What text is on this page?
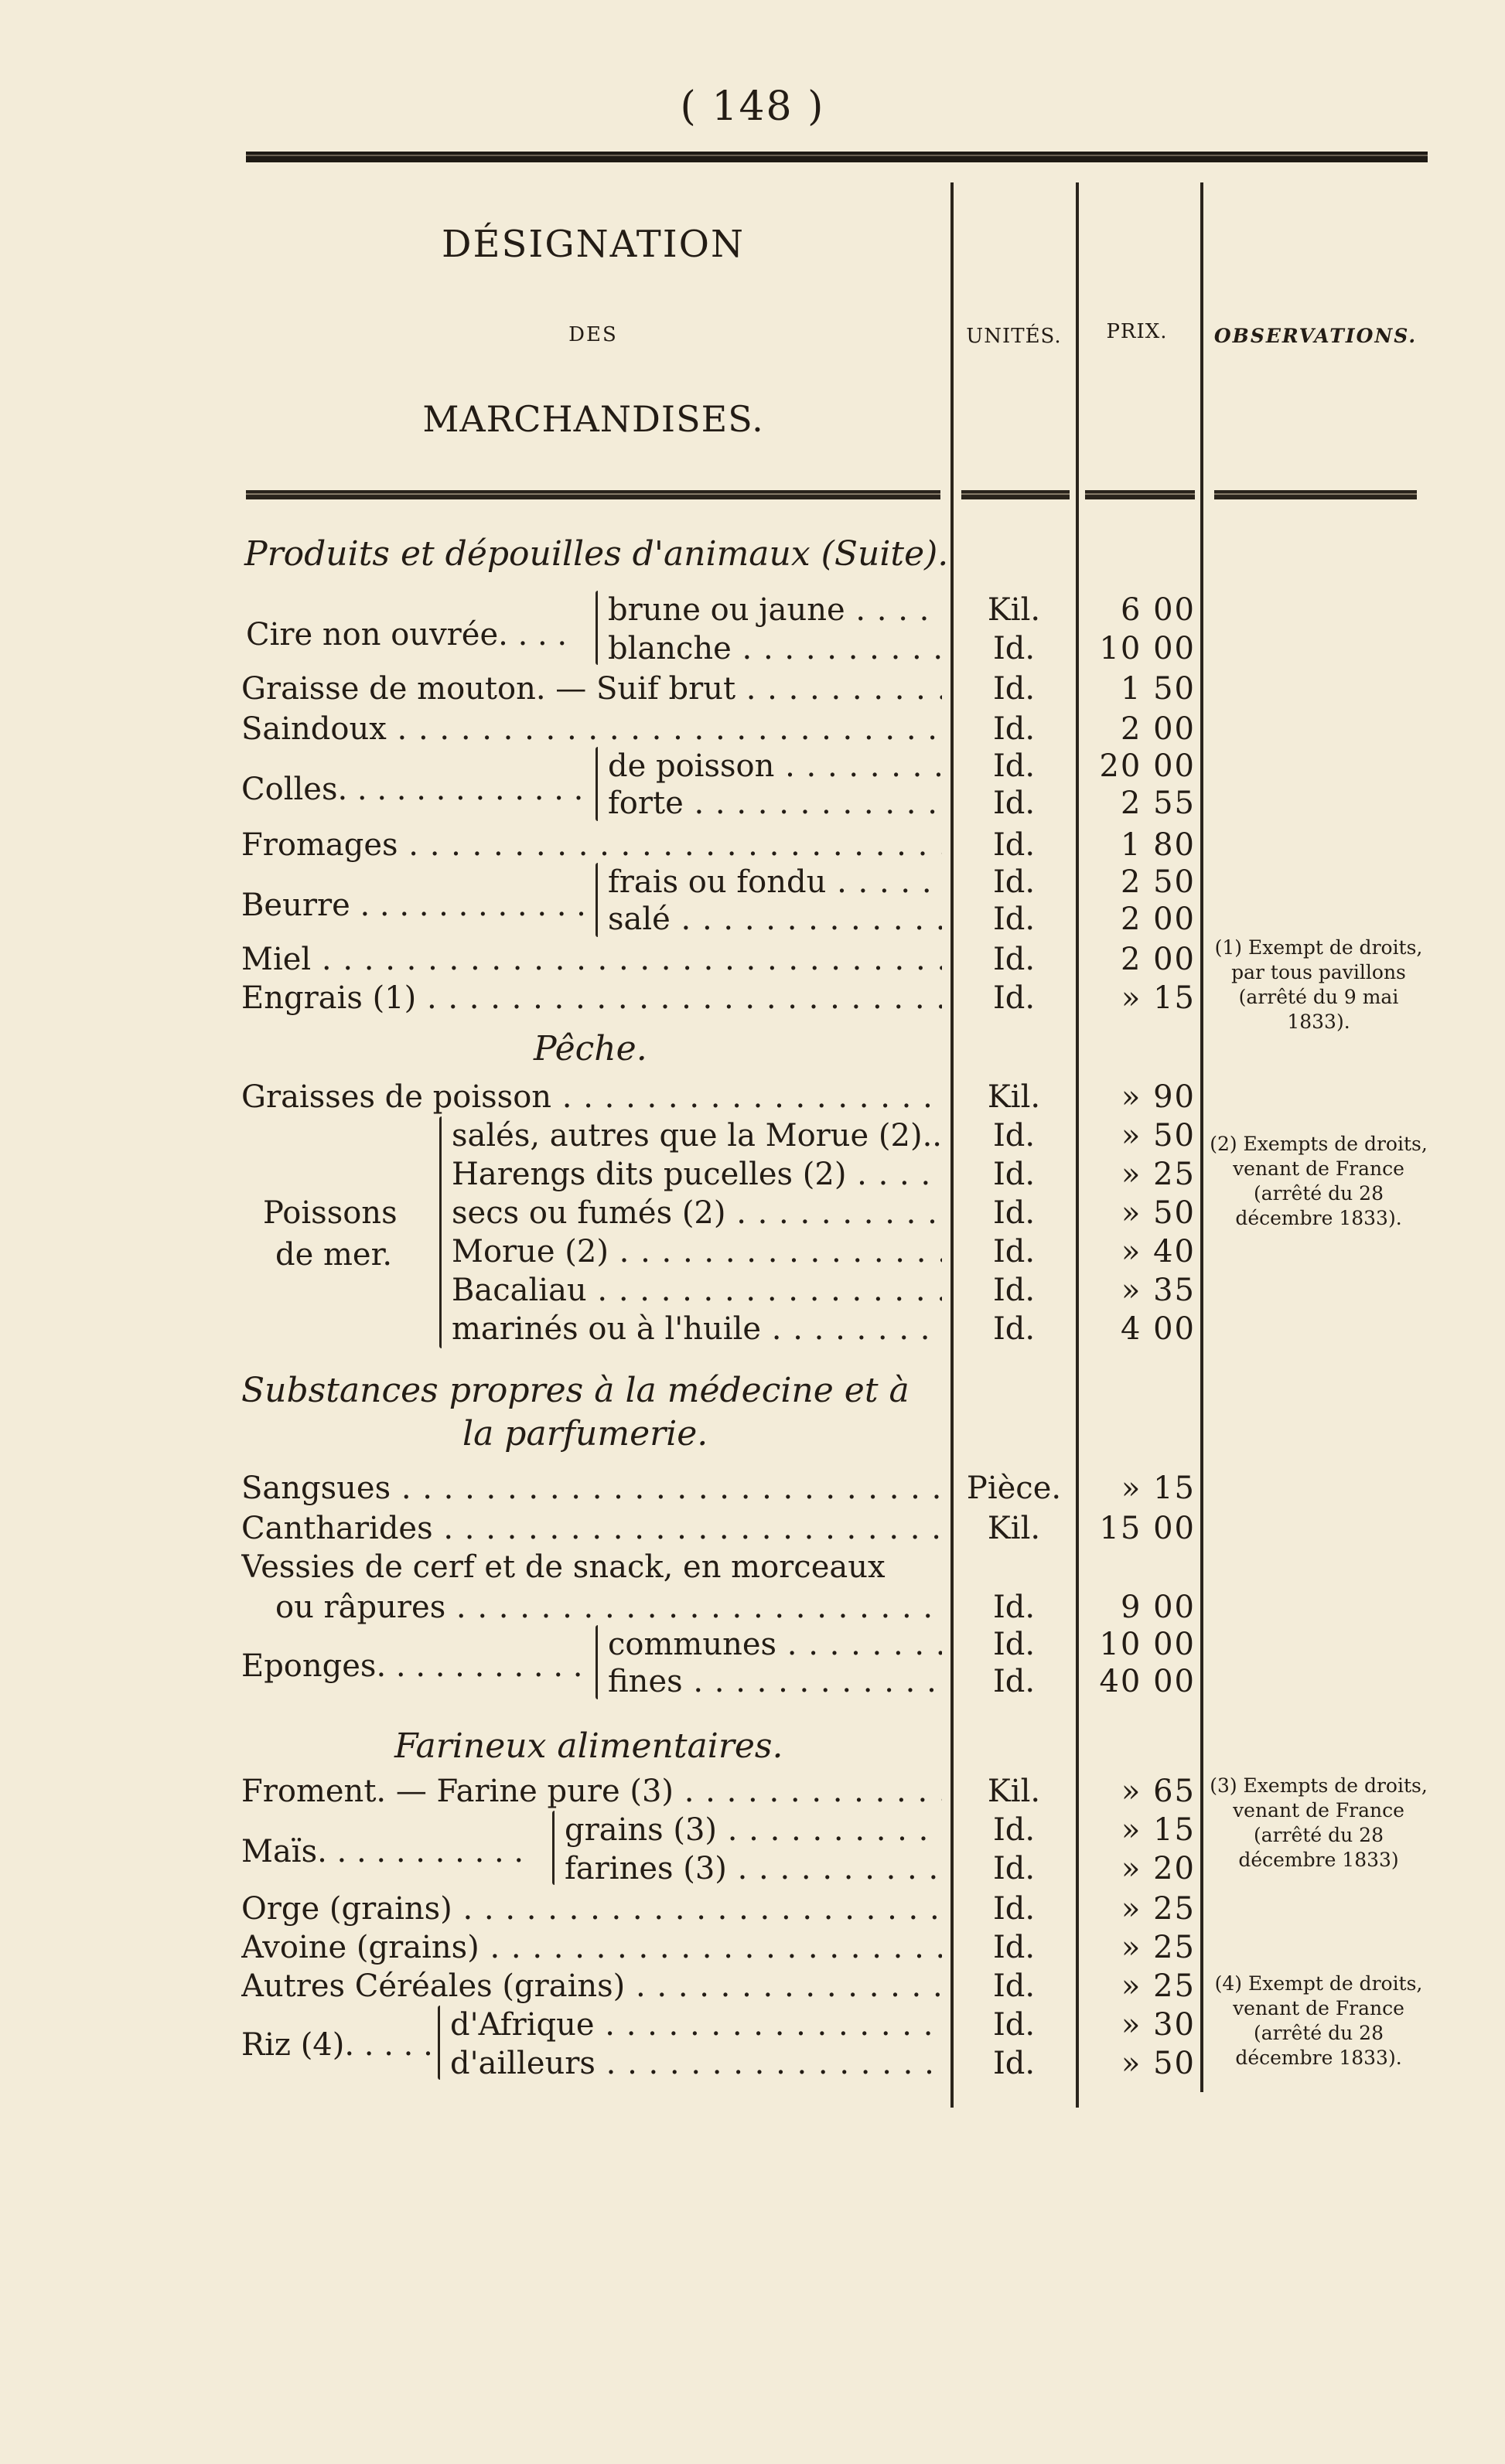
( 148 )
DÉSIGNATION
DES
MARCHANDISES.
UNITÉS.	PRIX.	OBSERVATIONS.
Produits et dépouilles d'animaux (Suite).
Cire non ouvrée. . . .
brune ou jaune . . .	Kil.	6 00
blanche . . .	Id.	10 00
Graisse de mouton. — Suif brut . . .	Id.	1 50
Saindoux . . .	Id.	2 00
Colles. . . . . . . . . . . . .
de poisson . . .	Id.	20 00
forte . . .	Id.	2 55
Fromages . . .	Id.	1 80
Beurre . . . . . . . . . . . .
frais ou fondu . . .	Id.	2 50
salé . . .	Id.	2 00
Miel . . .	Id.	2 00
Engrais (1) . . .	Id.	» 15
Pêche.
Graisses de poisson . . .	Kil.	» 90
Poissons
de mer.
salés, autres que la Morue (2).. . . .	Id.	» 50
Harengs dits pucelles (2) . . .	Id.	» 25
secs ou fumés (2) . . .	Id.	» 50
Morue (2) . . .	Id.	» 40
Bacaliau . . .	Id.	» 35
marinés ou à l'huile . . .	Id.	4 00
Substances propres à la médecine et à
la parfumerie.
Sangsues . . .	Pièce.	» 15
Cantharides . . .	Kil.	15 00
Vessies de cerf et de snack, en morceaux
ou râpures . . .	Id.	9 00
Eponges. . . . . . . . . . .
communes . . .	Id.	10 00
fines . . .	Id.	40 00
Farineux alimentaires.
Froment. — Farine pure (3) . . .	Kil.	» 65
Maïs. . . . . . . . . . .
grains (3) . . .	Id.	» 15
farines (3) . . .	Id.	» 20
Orge (grains) . . .	Id.	» 25
Avoine (grains) . . .	Id.	» 25
Autres Céréales (grains) . . .	Id.	» 25
Riz (4). . . . .
d'Afrique . . .	Id.	» 30
d'ailleurs . . .	Id.	» 50
(1) Exempt de droits, par tous pavillons (arrêté du 9 mai 1833).
(2) Exempts de droits, venant de France (arrêté du 28 décembre 1833).
(3) Exempts de droits, venant de France (arrêté du 28 décembre 1833)
(4) Exempt de droits, venant de France (arrêté du 28 décembre 1833).
